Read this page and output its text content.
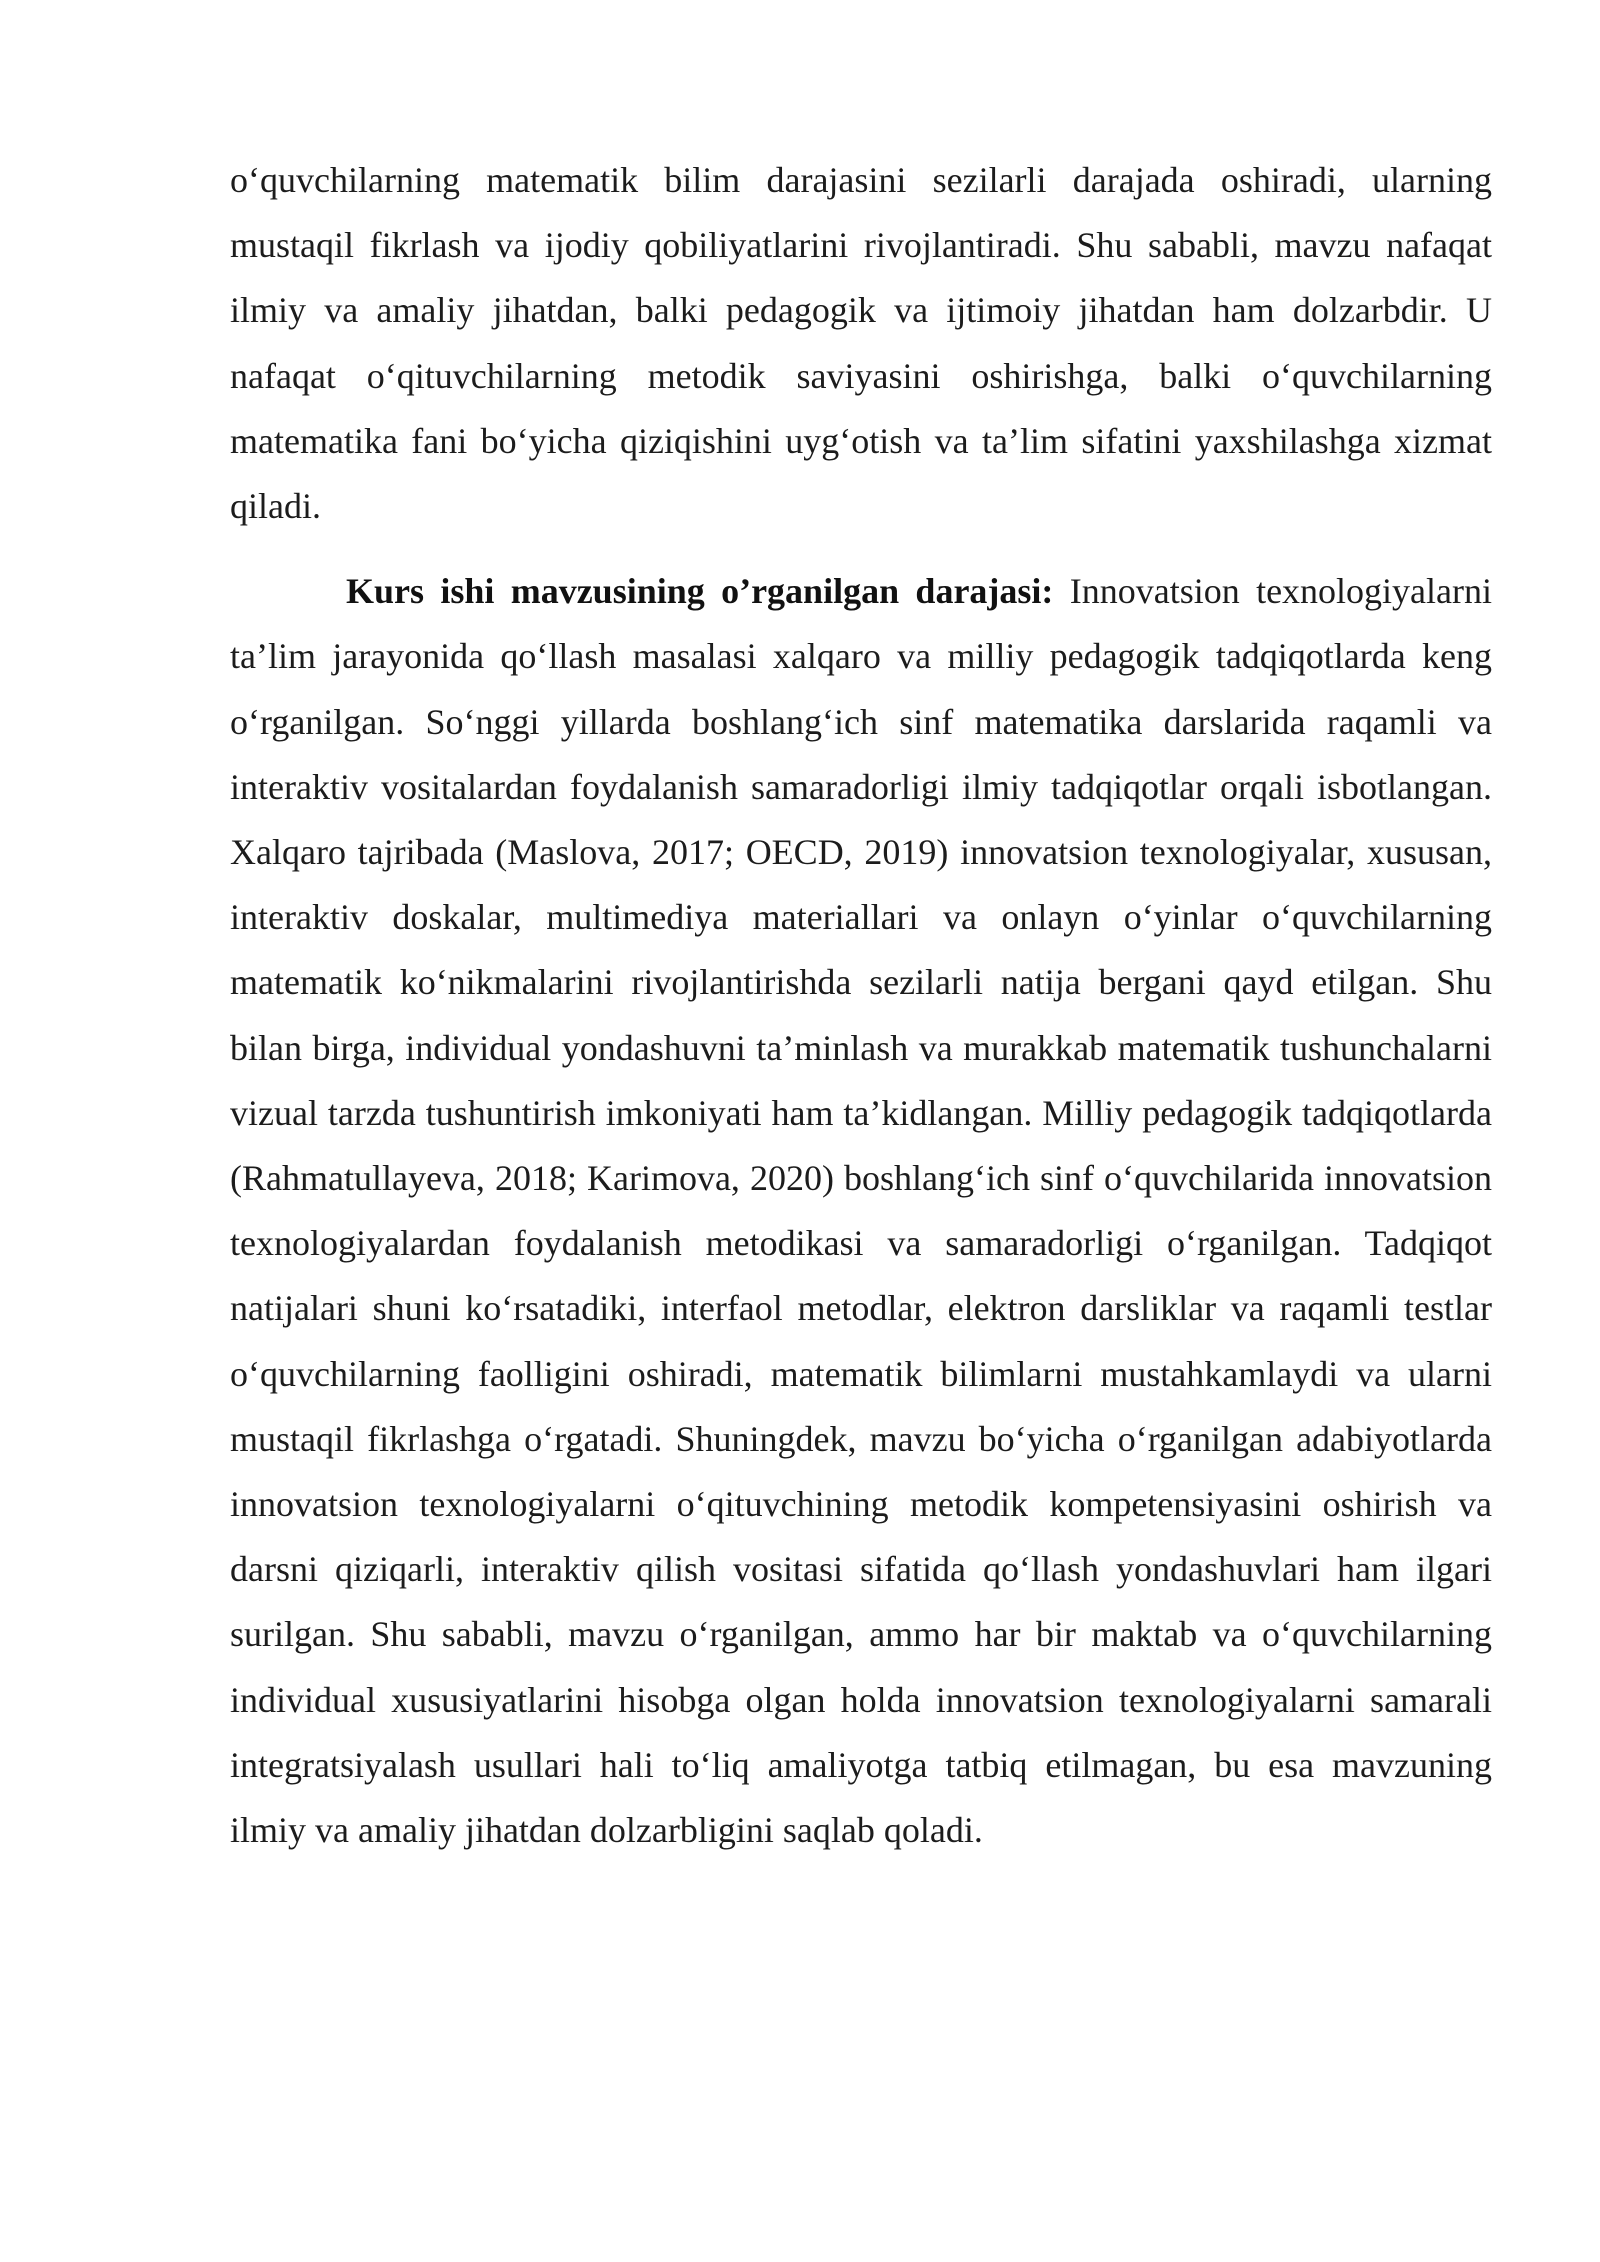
o‘quvchilarning matematik bilim darajasini sezilarli darajada oshiradi, ularning mustaqil fikrlash va ijodiy qobiliyatlarini rivojlantiradi. Shu sababli, mavzu nafaqat ilmiy va amaliy jihatdan, balki pedagogik va ijtimoiy jihatdan ham dolzarbdir. U nafaqat o‘qituvchilarning metodik saviyasini oshirishga, balki o‘quvchilarning matematika fani bo‘yicha qiziqishini uyg‘otish va ta’lim sifatini yaxshilashga xizmat qiladi.

Kurs ishi mavzusining o’rganilgan darajasi: Innovatsion texnologiyalarni ta’lim jarayonida qo‘llash masalasi xalqaro va milliy pedagogik tadqiqotlarda keng o‘rganilgan. So‘nggi yillarda boshlang‘ich sinf matematika darslarida raqamli va interaktiv vositalardan foydalanish samaradorligi ilmiy tadqiqotlar orqali isbotlangan. Xalqaro tajribada (Maslova, 2017; OECD, 2019) innovatsion texnologiyalar, xususan, interaktiv doskalar, multimediya materiallari va onlayn o‘yinlar o‘quvchilarning matematik ko‘nikmalarini rivojlantirishda sezilarli natija bergani qayd etilgan. Shu bilan birga, individual yondashuvni ta’minlash va murakkab matematik tushunchalarni vizual tarzda tushuntirish imkoniyati ham ta’kidlangan. Milliy pedagogik tadqiqotlarda (Rahmatullayeva, 2018; Karimova, 2020) boshlang‘ich sinf o‘quvchilarida innovatsion texnologiyalardan foydalanish metodikasi va samaradorligi o‘rganilgan. Tadqiqot natijalari shuni ko‘rsatadiki, interfaol metodlar, elektron darsliklar va raqamli testlar o‘quvchilarning faolligini oshiradi, matematik bilimlarni mustahkamlaydi va ularni mustaqil fikrlashga o‘rgatadi. Shuningdek, mavzu bo‘yicha o‘rganilgan adabiyotlarda innovatsion texnologiyalarni o‘qituvchining metodik kompetensiyasini oshirish va darsni qiziqarli, interaktiv qilish vositasi sifatida qo‘llash yondashuvlari ham ilgari surilgan. Shu sababli, mavzu o‘rganilgan, ammo har bir maktab va o‘quvchilarning individual xususiyatlarini hisobga olgan holda innovatsion texnologiyalarni samarali integratsiyalash usullari hali to‘liq amaliyotga tatbiq etilmagan, bu esa mavzuning ilmiy va amaliy jihatdan dolzarbligini saqlab qoladi.
